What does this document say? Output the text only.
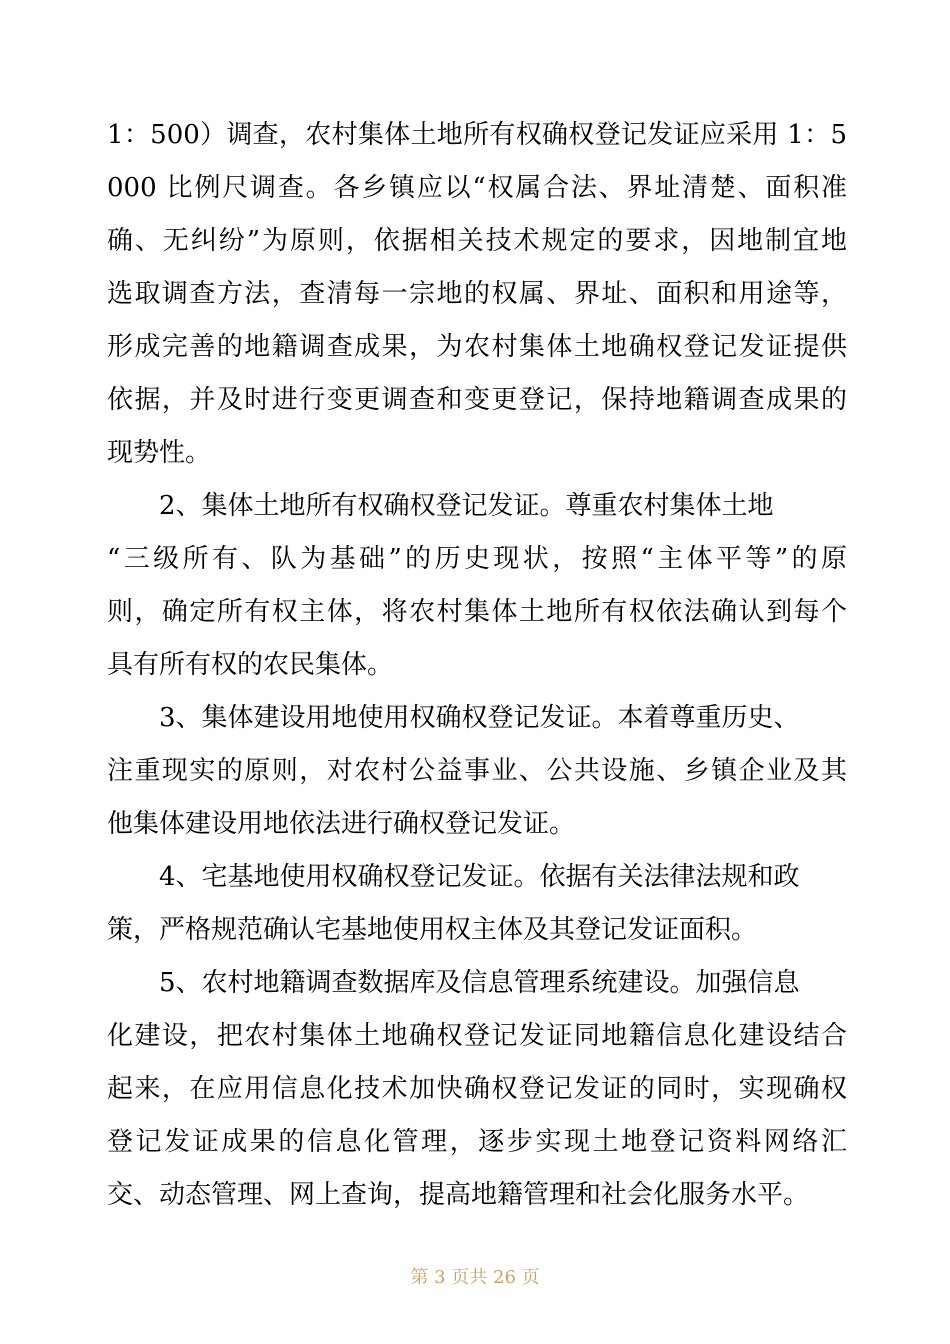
1：500）调查，农村集体土地所有权确权登记发证应采用 1：5
000 比例尺调查。各乡镇应以“权属合法、界址清楚、面积准
确、无纠纷”为原则，依据相关技术规定的要求，因地制宜地
选取调查方法，查清每一宗地的权属、界址、面积和用途等，
形成完善的地籍调查成果，为农村集体土地确权登记发证提供
依据，并及时进行变更调查和变更登记，保持地籍调查成果的
现势性。
2、集体土地所有权确权登记发证。尊重农村集体土地
“三级所有、队为基础”的历史现状，按照“主体平等”的原
则，确定所有权主体，将农村集体土地所有权依法确认到每个
具有所有权的农民集体。
3、集体建设用地使用权确权登记发证。本着尊重历史、
注重现实的原则，对农村公益事业、公共设施、乡镇企业及其
他集体建设用地依法进行确权登记发证。
4、宅基地使用权确权登记发证。依据有关法律法规和政
策，严格规范确认宅基地使用权主体及其登记发证面积。
5、农村地籍调查数据库及信息管理系统建设。加强信息
化建设，把农村集体土地确权登记发证同地籍信息化建设结合
起来，在应用信息化技术加快确权登记发证的同时，实现确权
登记发证成果的信息化管理，逐步实现土地登记资料网络汇
交、动态管理、网上查询，提高地籍管理和社会化服务水平。
第 3 页共 26 页
